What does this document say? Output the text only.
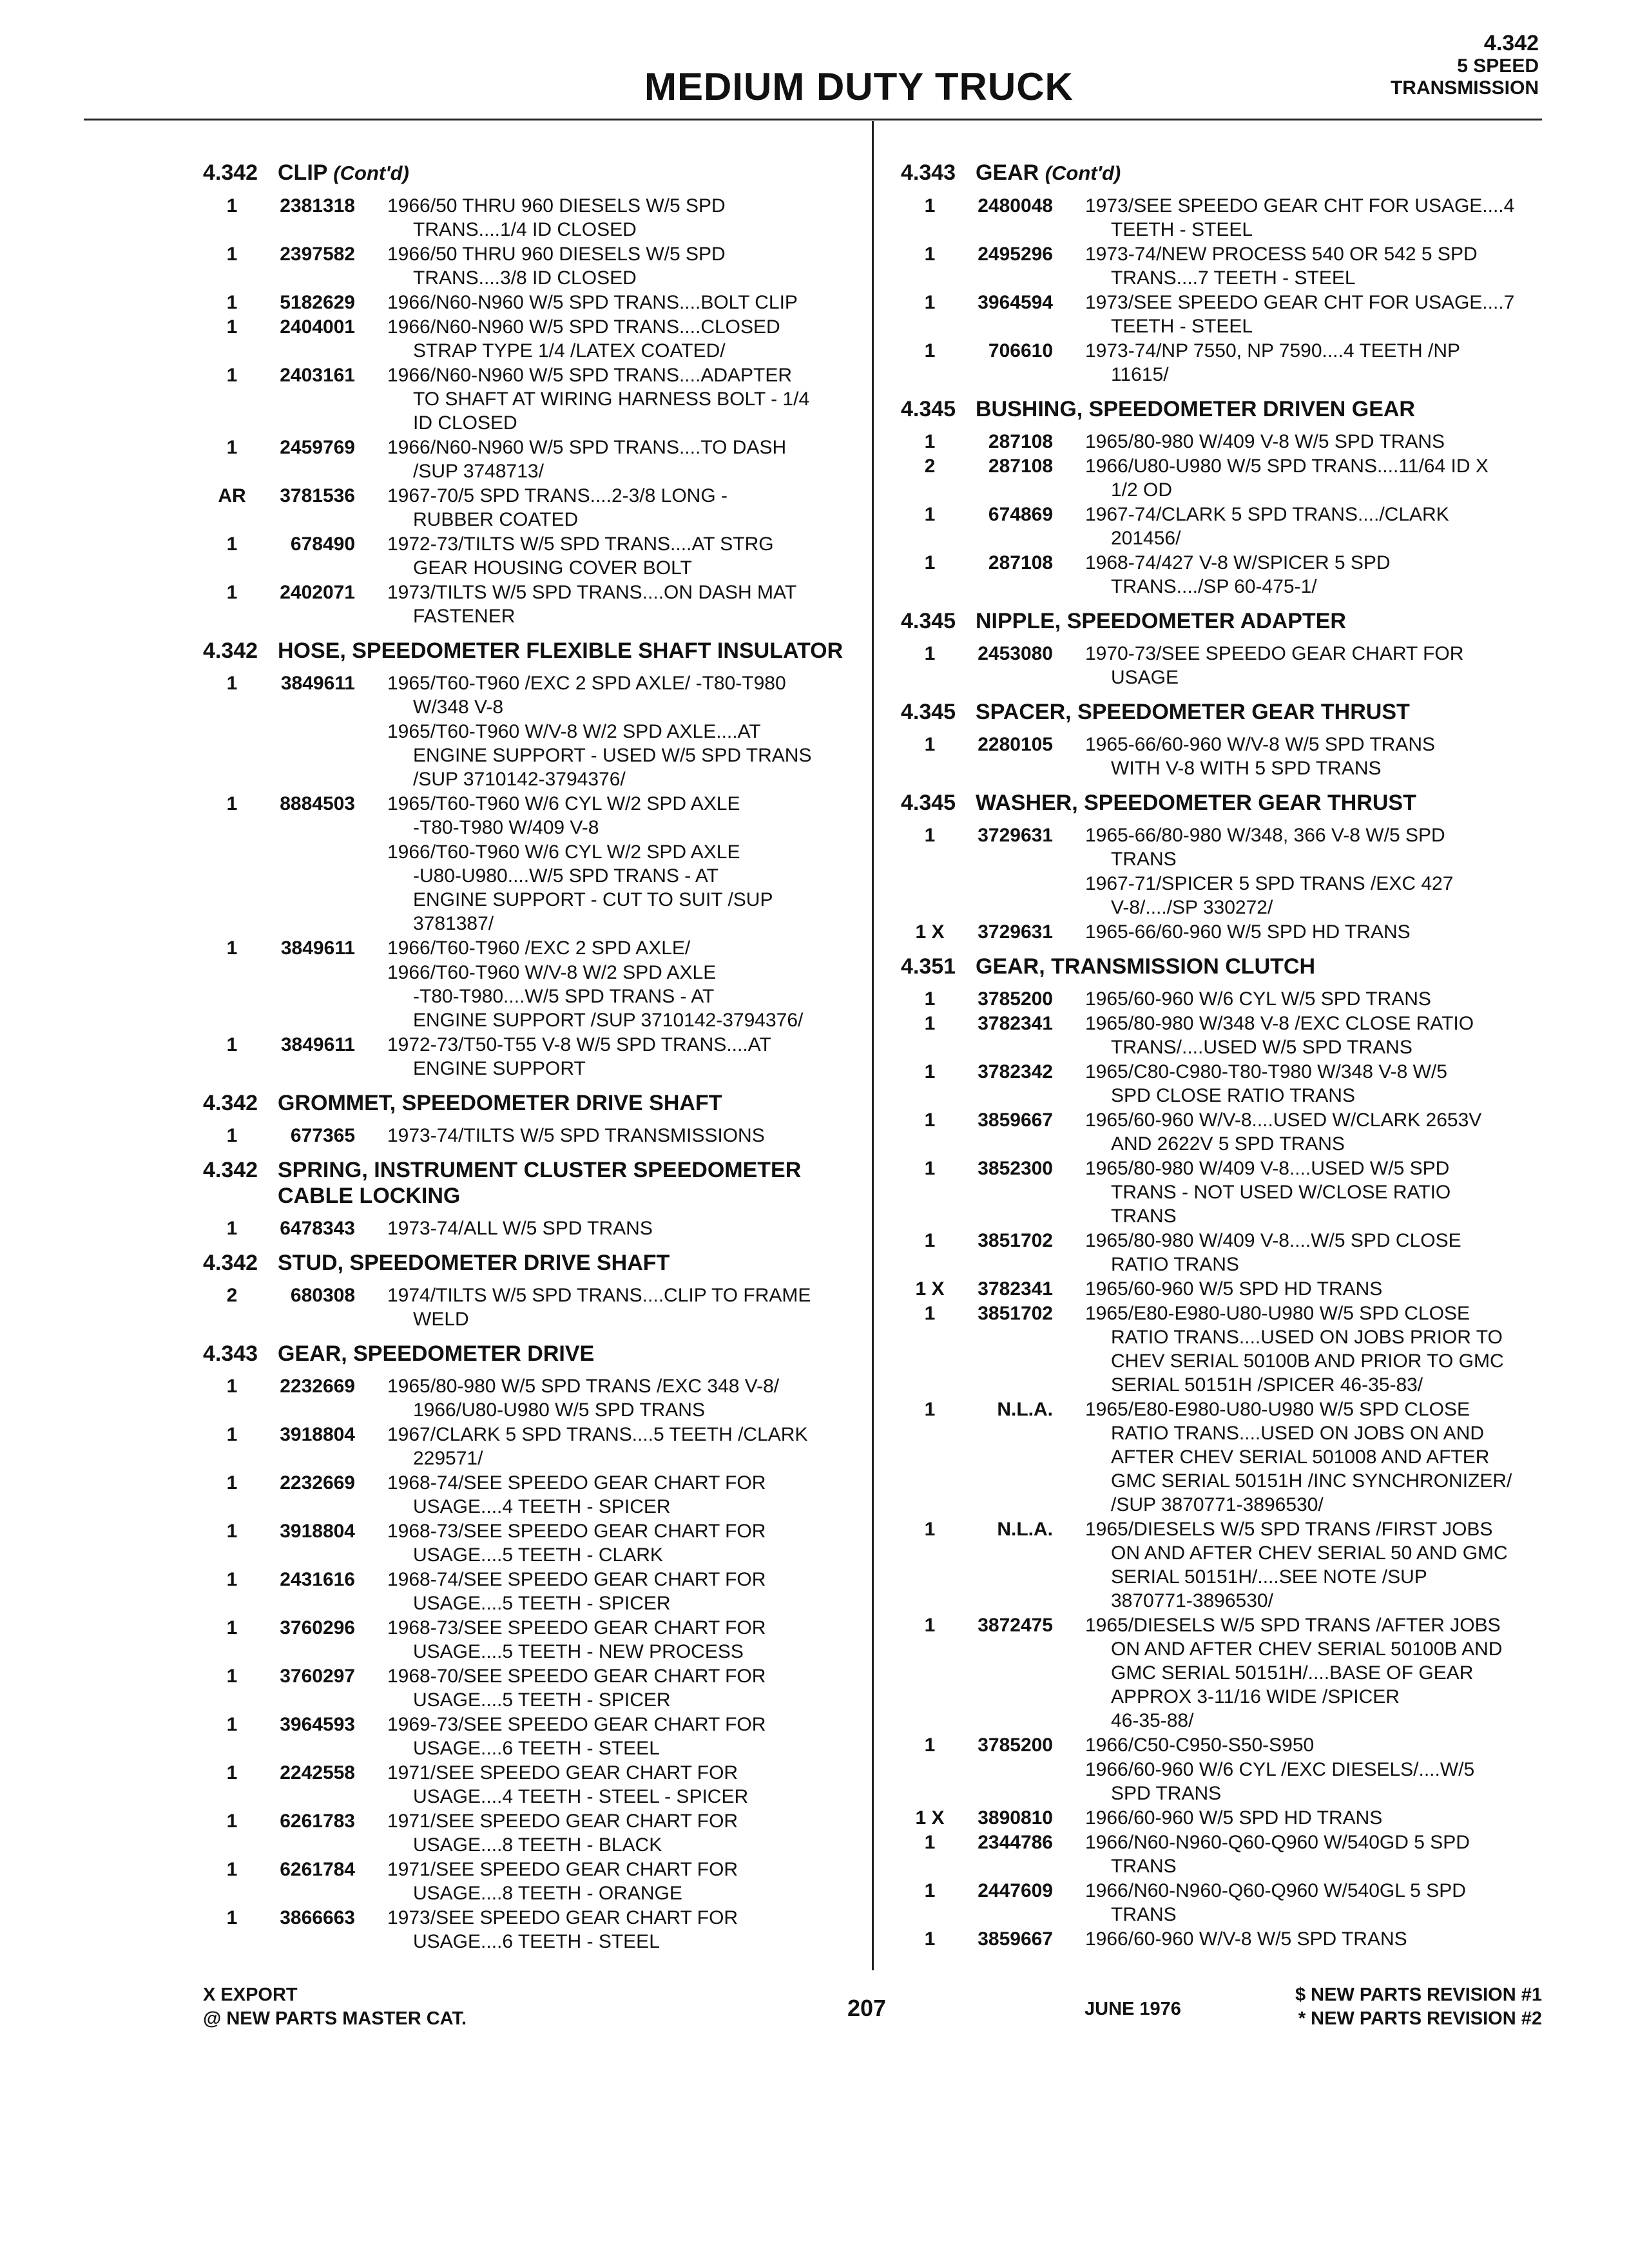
MEDIUM DUTY TRUCK
4.342
5 SPEED
TRANSMISSION
4.342 CLIP (Cont'd)
1	2381318 1966/50 THRU 960 DIESELS W/5 SPD
TRANS....1/4 ID CLOSED
1	2397582 1966/50 THRU 960 DIESELS W/5 SPD
TRANS....3/8 ID CLOSED
1	5182629 1966/N60-N960 W/5 SPD TRANS....BOLT CLIP
1	2404001 1966/N60-N960 W/5 SPD TRANS....CLOSED
STRAP TYPE 1/4 /LATEX COATED/
1	2403161 1966/N60-N960 W/5 SPD TRANS....ADAPTER
TO SHAFT AT WIRING HARNESS BOLT - 1/4
ID CLOSED
1	2459769 1966/N60-N960 W/5 SPD TRANS....TO DASH
/SUP 3748713/
AR	3781536 1967-70/5 SPD TRANS....2-3/8 LONG -
RUBBER COATED
1	678490 1972-73/TILTS W/5 SPD TRANS....AT STRG
GEAR HOUSING COVER BOLT
1	2402071 1973/TILTS W/5 SPD TRANS....ON DASH MAT
FASTENER
4.342 HOSE, SPEEDOMETER FLEXIBLE SHAFT INSULATOR
1	3849611 1965/T60-T960 /EXC 2 SPD AXLE/ -T80-T980
W/348 V-8
1965/T60-T960 W/V-8 W/2 SPD AXLE....AT
ENGINE SUPPORT - USED W/5 SPD TRANS
/SUP 3710142-3794376/
1	8884503 1965/T60-T960 W/6 CYL W/2 SPD AXLE
-T80-T980 W/409 V-8
1966/T60-T960 W/6 CYL W/2 SPD AXLE
-U80-U980....W/5 SPD TRANS - AT
ENGINE SUPPORT - CUT TO SUIT /SUP
3781387/
1	3849611 1966/T60-T960 /EXC 2 SPD AXLE/
1966/T60-T960 W/V-8 W/2 SPD AXLE
-T80-T980....W/5 SPD TRANS - AT
ENGINE SUPPORT /SUP 3710142-3794376/
1	3849611 1972-73/T50-T55 V-8 W/5 SPD TRANS....AT
ENGINE SUPPORT
4.342 GROMMET, SPEEDOMETER DRIVE SHAFT
1	677365 1973-74/TILTS W/5 SPD TRANSMISSIONS
4.342 SPRING, INSTRUMENT CLUSTER SPEEDOMETER CABLE LOCKING
1	6478343 1973-74/ALL W/5 SPD TRANS
4.342 STUD, SPEEDOMETER DRIVE SHAFT
2	680308 1974/TILTS W/5 SPD TRANS....CLIP TO FRAME
WELD
4.343 GEAR, SPEEDOMETER DRIVE
1	2232669 1965/80-980 W/5 SPD TRANS /EXC 348 V-8/
1966/U80-U980 W/5 SPD TRANS
1	3918804 1967/CLARK 5 SPD TRANS....5 TEETH /CLARK
229571/
1	2232669 1968-74/SEE SPEEDO GEAR CHART FOR
USAGE....4 TEETH - SPICER
1	3918804 1968-73/SEE SPEEDO GEAR CHART FOR
USAGE....5 TEETH - CLARK
1	2431616 1968-74/SEE SPEEDO GEAR CHART FOR
USAGE....5 TEETH - SPICER
1	3760296 1968-73/SEE SPEEDO GEAR CHART FOR
USAGE....5 TEETH - NEW PROCESS
1	3760297 1968-70/SEE SPEEDO GEAR CHART FOR
USAGE....5 TEETH - SPICER
1	3964593 1969-73/SEE SPEEDO GEAR CHART FOR
USAGE....6 TEETH - STEEL
1	2242558 1971/SEE SPEEDO GEAR CHART FOR
USAGE....4 TEETH - STEEL - SPICER
1	6261783 1971/SEE SPEEDO GEAR CHART FOR
USAGE....8 TEETH - BLACK
1	6261784 1971/SEE SPEEDO GEAR CHART FOR
USAGE....8 TEETH - ORANGE
1	3866663 1973/SEE SPEEDO GEAR CHART FOR
USAGE....6 TEETH - STEEL
4.343 GEAR (Cont'd)
1	2480048 1973/SEE SPEEDO GEAR CHT FOR USAGE....4
TEETH - STEEL
1	2495296 1973-74/NEW PROCESS 540 OR 542 5 SPD
TRANS....7 TEETH - STEEL
1	3964594 1973/SEE SPEEDO GEAR CHT FOR USAGE....7
TEETH - STEEL
1	706610 1973-74/NP 7550, NP 7590....4 TEETH /NP
11615/
4.345 BUSHING, SPEEDOMETER DRIVEN GEAR
1	287108 1965/80-980 W/409 V-8 W/5 SPD TRANS
2	287108 1966/U80-U980 W/5 SPD TRANS....11/64 ID X
1/2 OD
1	674869 1967-74/CLARK 5 SPD TRANS..../CLARK
201456/
1	287108 1968-74/427 V-8 W/SPICER 5 SPD
TRANS..../SP 60-475-1/
4.345 NIPPLE, SPEEDOMETER ADAPTER
1	2453080 1970-73/SEE SPEEDO GEAR CHART FOR
USAGE
4.345 SPACER, SPEEDOMETER GEAR THRUST
1	2280105 1965-66/60-960 W/V-8 W/5 SPD TRANS
WITH V-8 WITH 5 SPD TRANS
4.345 WASHER, SPEEDOMETER GEAR THRUST
1	3729631 1965-66/80-980 W/348, 366 V-8 W/5 SPD
TRANS
1967-71/SPICER 5 SPD TRANS /EXC 427
V-8/..../SP 330272/
1 X	3729631 1965-66/60-960 W/5 SPD HD TRANS
4.351 GEAR, TRANSMISSION CLUTCH
1	3785200 1965/60-960 W/6 CYL W/5 SPD TRANS
1	3782341 1965/80-980 W/348 V-8 /EXC CLOSE RATIO
TRANS/....USED W/5 SPD TRANS
1	3782342 1965/C80-C980-T80-T980 W/348 V-8 W/5
SPD CLOSE RATIO TRANS
1	3859667 1965/60-960 W/V-8....USED W/CLARK 2653V
AND 2622V 5 SPD TRANS
1	3852300 1965/80-980 W/409 V-8....USED W/5 SPD
TRANS - NOT USED W/CLOSE RATIO
TRANS
1	3851702 1965/80-980 W/409 V-8....W/5 SPD CLOSE
RATIO TRANS
1 X	3782341 1965/60-960 W/5 SPD HD TRANS
1	3851702 1965/E80-E980-U80-U980 W/5 SPD CLOSE
RATIO TRANS....USED ON JOBS PRIOR TO
CHEV SERIAL 50100B AND PRIOR TO GMC
SERIAL 50151H /SPICER 46-35-83/
1	N.L.A. 1965/E80-E980-U80-U980 W/5 SPD CLOSE
RATIO TRANS....USED ON JOBS ON AND
AFTER CHEV SERIAL 501008 AND AFTER
GMC SERIAL 50151H /INC SYNCHRONIZER/
/SUP 3870771-3896530/
1	N.L.A. 1965/DIESELS W/5 SPD TRANS /FIRST JOBS
ON AND AFTER CHEV SERIAL 50 AND GMC
SERIAL 50151H/....SEE NOTE /SUP
3870771-3896530/
1	3872475 1965/DIESELS W/5 SPD TRANS /AFTER JOBS
ON AND AFTER CHEV SERIAL 50100B AND
GMC SERIAL 50151H/....BASE OF GEAR
APPROX 3-11/16 WIDE /SPICER
46-35-88/
1	3785200 1966/C50-C950-S50-S950
1966/60-960 W/6 CYL /EXC DIESELS/....W/5
SPD TRANS
1 X	3890810 1966/60-960 W/5 SPD HD TRANS
1	2344786 1966/N60-N960-Q60-Q960 W/540GD 5 SPD
TRANS
1	2447609 1966/N60-N960-Q60-Q960 W/540GL 5 SPD
TRANS
1	3859667 1966/60-960 W/V-8 W/5 SPD TRANS
X EXPORT
@ NEW PARTS MASTER CAT.	207	JUNE 1976
$ NEW PARTS REVISION #1
* NEW PARTS REVISION #2
